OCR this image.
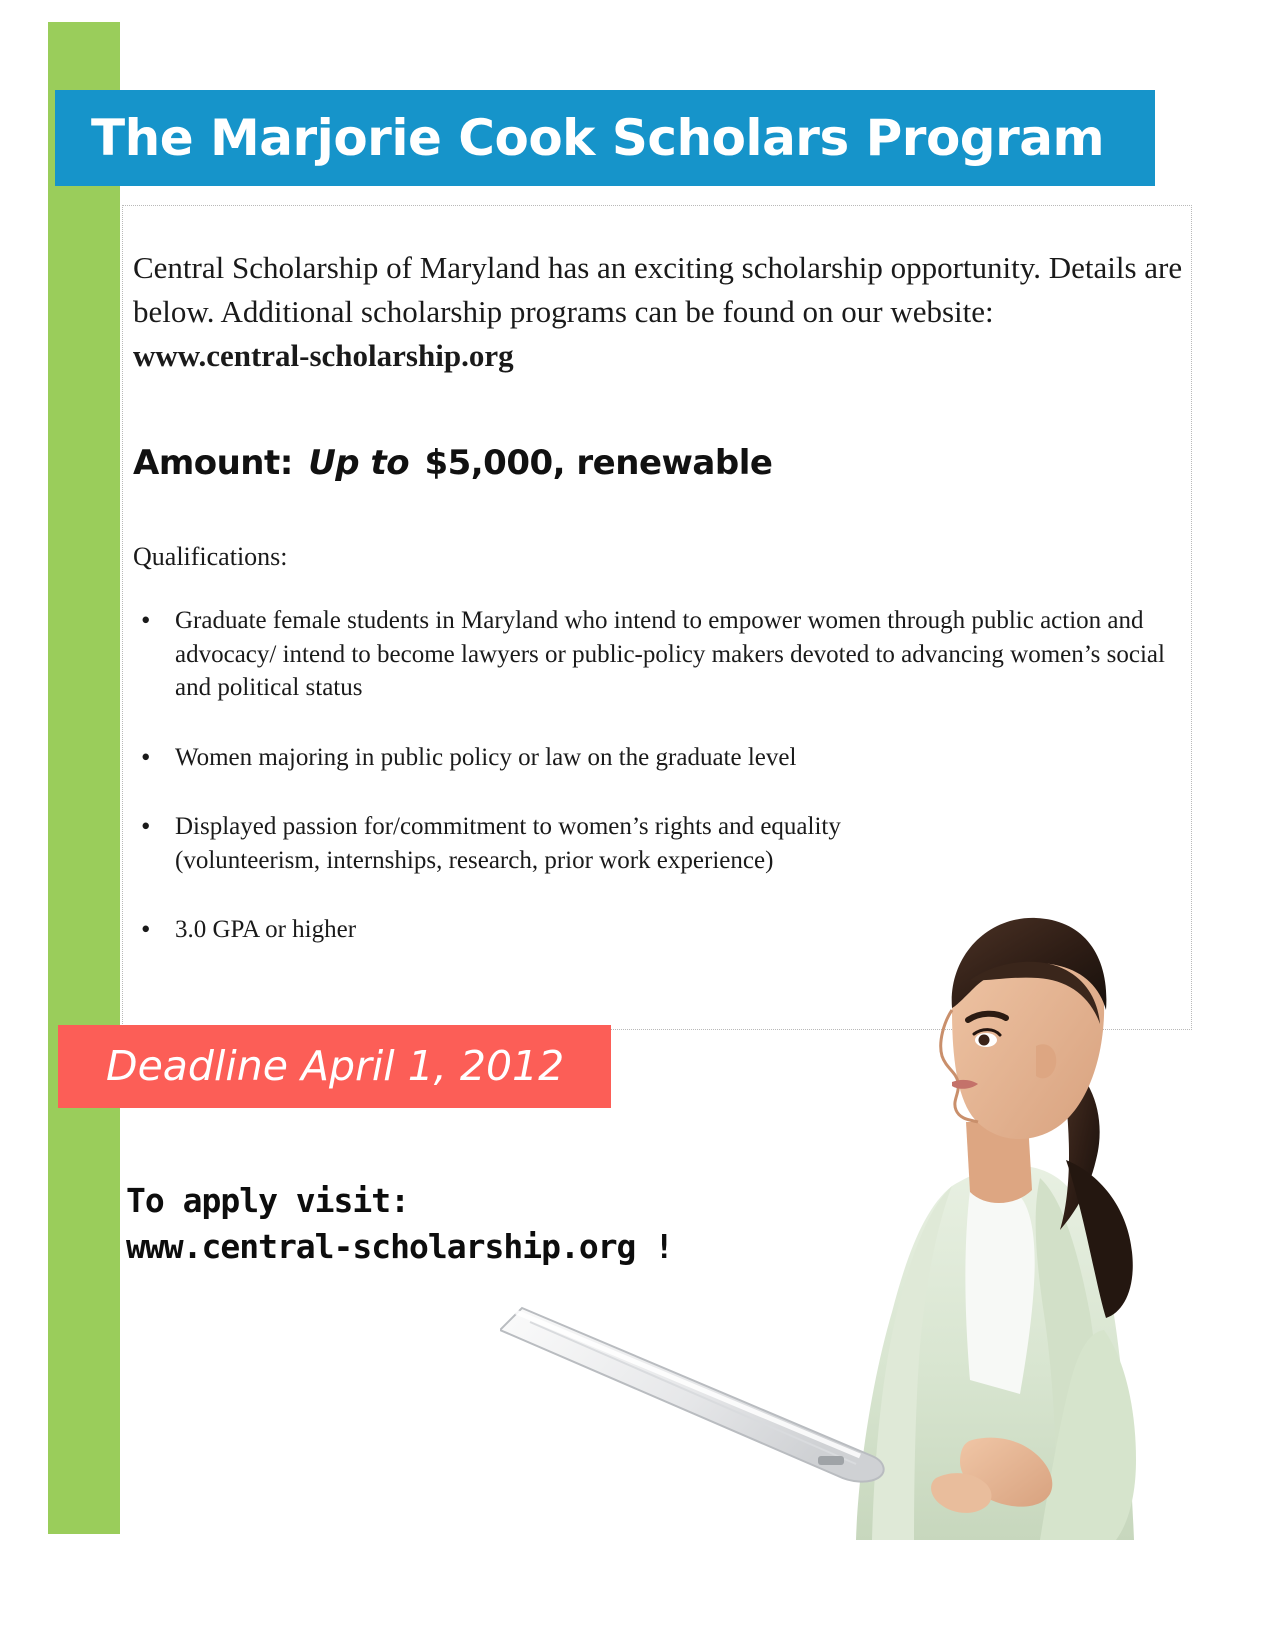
The Marjorie Cook Scholars Program
Central Scholarship of Maryland has an exciting scholarship opportunity. Details are below. Additional scholarship programs can be found on our website:
www.central-scholarship.org
Amount: Up to $5,000, renewable
Qualifications:
• Graduate female students in Maryland who intend to empower women through public action and advocacy/ intend to become lawyers or public-policy makers devoted to advancing women’s social and political status
• Women majoring in public policy or law on the graduate level
• Displayed passion for/commitment to women’s rights and equality
(volunteerism, internships, research, prior work experience)
• 3.0 GPA or higher
Deadline April 1, 2012
To apply visit:
www.central-scholarship.org !
